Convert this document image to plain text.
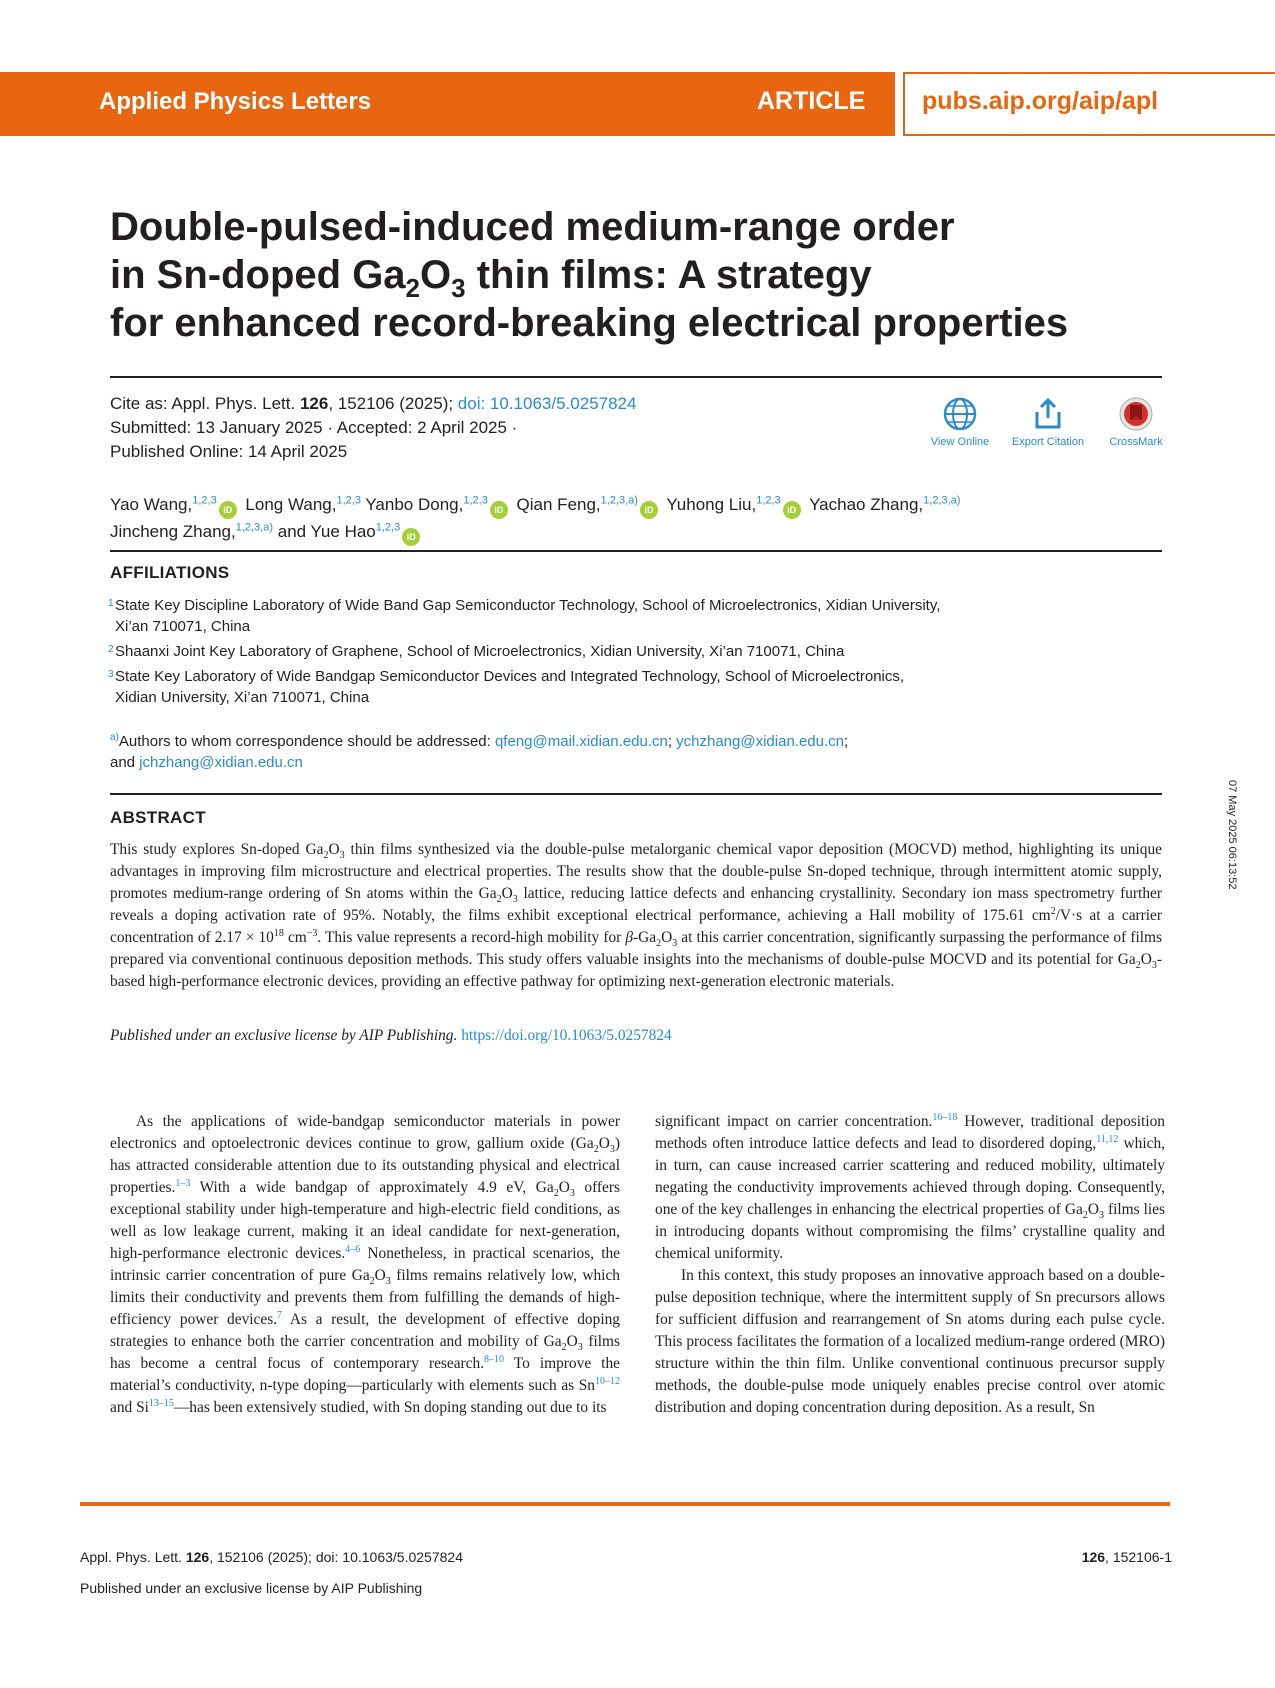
Applied Physics Letters	ARTICLE pubs.aip.org/aip/apl
Double-pulsed-induced medium-range order
in Sn-doped $Ga_2O_3$ thin films: A strategy
for enhanced record-breaking electrical properties
Cite as: Appl. Phys. Lett. 126, 152106 (2025); doi: 10.1063/5.0257824
Submitted: 13 January 2025 · Accepted: 2 April 2025 ·
Published Online: 14 April 2025	View Online	Export Citation	CrossMark
Yao Wang,$^{1,2,3}$iD Long Wang,$^{1,2,3}$ Yanbo Dong,$^{1,2,3}$iD Qian Feng,$^{1,2,3,a)}$iD Yuhong Liu,$^{1,2,3}$iD Yachao Zhang,$^{1,2,3,a)}$
Jincheng Zhang,$^{1,2,3,a)}$ and Yue Hao$^{1,2,3}$iD
AFFILIATIONS
1 State Key Discipline Laboratory of Wide Band Gap Semiconductor Technology, School of Microelectronics, Xidian University,
Xi’an 710071, China
2 Shaanxi Joint Key Laboratory of Graphene, School of Microelectronics, Xidian University, Xi’an 710071, China
3 State Key Laboratory of Wide Bandgap Semiconductor Devices and Integrated Technology, School of Microelectronics,
Xidian University, Xi’an 710071, China
$^{a)}$Authors to whom correspondence should be addressed: qfeng@mail.xidian.edu.cn; ychzhang@xidian.edu.cn;
and jchzhang@xidian.edu.cn
ABSTRACT
This study explores Sn-doped $Ga_2O_3$ thin films synthesized via the double-pulse metalorganic chemical vapor deposition (MOCVD) method, highlighting its unique advantages in improving film microstructure and electrical properties. The results show that the double-pulse Sn-doped technique, through intermittent atomic supply, promotes medium-range ordering of Sn atoms within the $Ga_2O_3$ lattice, reducing lattice defects and enhancing crystallinity. Secondary ion mass spectrometry further reveals a doping activation rate of 95%. Notably, the films exhibit exceptional electrical performance, achieving a Hall mobility of 175.61 $cm^2/V\cdot s$ at a carrier concentration of $2.17 \times 10^{18}$ $cm^{-3}$. This value represents a record-high mobility for $\beta-Ga_2O_3$ at this carrier concentration, significantly surpassing the performance of films prepared via conventional continuous deposition methods. This study offers valuable insights into the mechanisms of double-pulse MOCVD and its potential for $Ga_2O_3$-based high-performance electronic devices, providing an effective pathway for optimizing next-generation electronic materials.
Published under an exclusive license by AIP Publishing. https://doi.org/10.1063/5.0257824

As the applications of wide-bandgap semiconductor materials in power electronics and optoelectronic devices continue to grow, gallium oxide $(Ga_2O_3)$ has attracted considerable attention due to its outstanding physical and electrical properties.$^{1-3}$ With a wide bandgap of approximately 4.9 eV, $Ga_2O_3$ offers exceptional stability under high-temperature and high-electric field conditions, as well as low leakage current, making it an ideal candidate for next-generation, high-performance electronic devices.$^{4-6}$ Nonetheless, in practical scenarios, the intrinsic carrier concentration of pure $Ga_2O_3$ films remains relatively low, which limits their conductivity and prevents them from fulfilling the demands of high-efficiency power devices.$^7$ As a result, the development of effective doping strategies to enhance both the carrier concentration and mobility of $Ga_2O_3$ films has become a central focus of contemporary research.$^{8-10}$ To improve the material’s conductivity, n-type doping—particularly with elements such as Sn$^{10-12}$ and Si$^{13-15}$—has been extensively studied, with Sn doping standing out due to its

significant impact on carrier concentration.$^{16-18}$ However, traditional deposition methods often introduce lattice defects and lead to disordered doping,$^{11,12}$ which, in turn, can cause increased carrier scattering and reduced mobility, ultimately negating the conductivity improvements achieved through doping. Consequently, one of the key challenges in enhancing the electrical properties of $Ga_2O_3$ films lies in introducing dopants without compromising the films’ crystalline quality and chemical uniformity.

In this context, this study proposes an innovative approach based on a double-pulse deposition technique, where the intermittent supply of Sn precursors allows for sufficient diffusion and rearrangement of Sn atoms during each pulse cycle. This process facilitates the formation of a localized medium-range ordered (MRO) structure within the thin film. Unlike conventional continuous precursor supply methods, the double-pulse mode uniquely enables precise control over atomic distribution and doping concentration during deposition. As a result, Sn

Appl. Phys. Lett. 126, 152106 (2025); doi: 10.1063/5.0257824	126, 152106-1
Published under an exclusive license by AIP Publishing
07 May 2025 06:13:52
